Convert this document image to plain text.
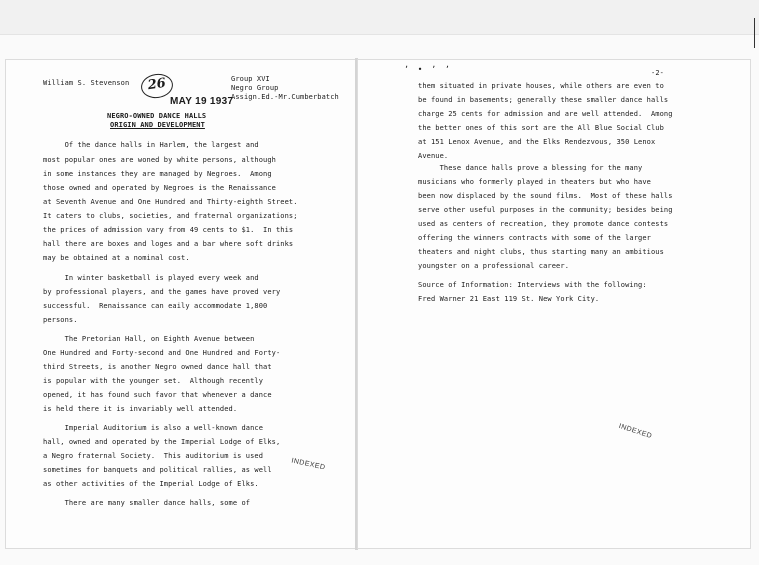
William S. Stevenson	Group XVI
Negro Group
Assign.Ed.-Mr.Cumberbatch
26
MAY 19 1937
NEGRO-OWNED DANCE HALLS
ORIGIN AND DEVELOPMENT
Of the dance halls in Harlem, the largest and
most popular ones are woned by white persons, although
in some instances they are managed by Negroes.  Among
those owned and operated by Negroes is the Renaissance
at Seventh Avenue and One Hundred and Thirty-eighth Street.
It caters to clubs, societies, and fraternal organizations;
the prices of admission vary from 49 cents to $1.  In this
hall there are boxes and loges and a bar where soft drinks
may be obtained at a nominal cost.
In winter basketball is played every week and
by professional players, and the games have proved very
successful.  Renaissance can eaily accommodate 1,800
persons.
The Pretorian Hall, on Eighth Avenue between
One Hundred and Forty-second and One Hundred and Forty-
third Streets, is another Negro owned dance hall that
is popular with the younger set.  Although recently
opened, it has found such favor that whenever a dance
is held there it is invariably well attended.
Imperial Auditorium is also a well-known dance
hall, owned and operated by the Imperial Lodge of Elks,
a Negro fraternal Society.  This auditorium is used
sometimes for banquets and political rallies, as well
as other activities of the Imperial Lodge of Elks.
There are many smaller dance halls, some of
INDEXED
ʼ • ʼ ʼ	-2-
them situated in private houses, while others are even to
be found in basements; generally these smaller dance halls
charge 25 cents for admission and are well attended.  Among
the better ones of this sort are the All Blue Social Club
at 151 Lenox Avenue, and the Elks Rendezvous, 350 Lenox
Avenue.
These dance halls prove a blessing for the many
musicians who formerly played in theaters but who have
been now displaced by the sound films.  Most of these halls
serve other useful purposes in the community; besides being
used as centers of recreation, they promote dance contests
offering the winners contracts with some of the larger
theaters and night clubs, thus starting many an ambitious
youngster on a professional career.
Source of Information: Interviews with the following:
Fred Warner 21 East 119 St. New York City.
INDEXED
